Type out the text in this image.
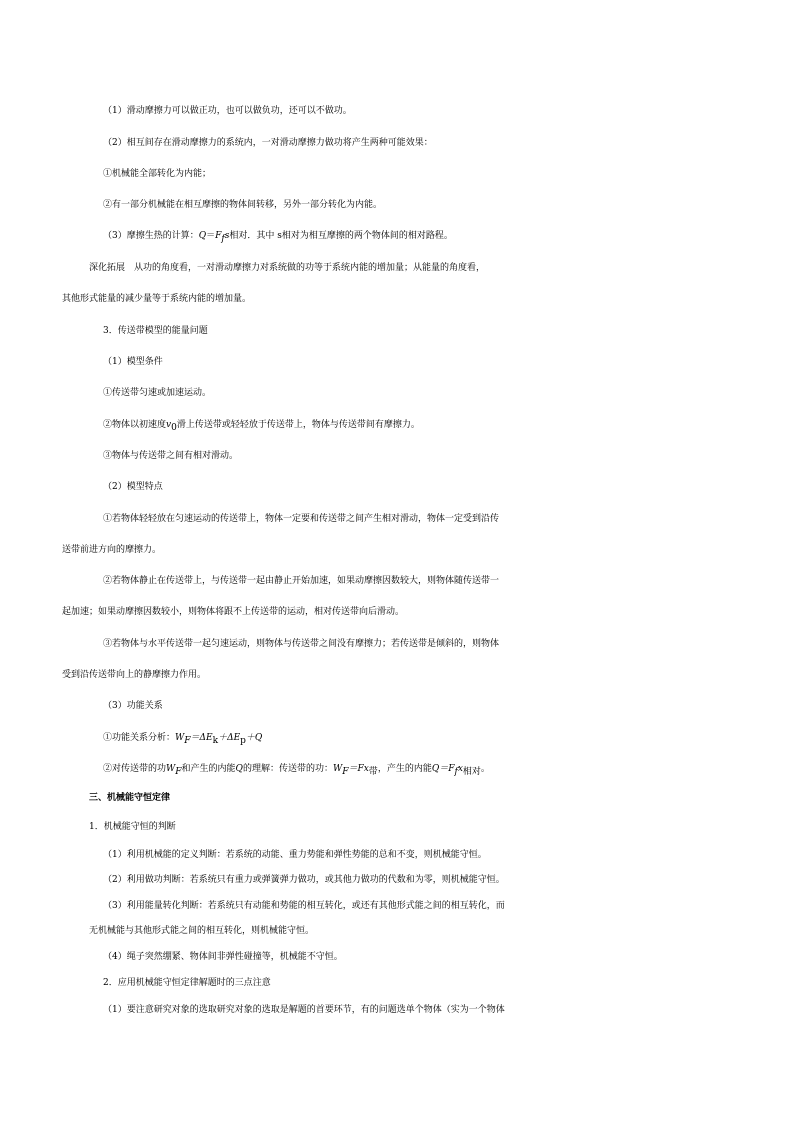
（1）滑动摩擦力可以做正功，也可以做负功，还可以不做功。
（2）相互间存在滑动摩擦力的系统内，一对滑动摩擦力做功将产生两种可能效果：
①机械能全部转化为内能；
②有一部分机械能在相互摩擦的物体间转移，另外一部分转化为内能。
（3）摩擦生热的计算：Q＝Ffs相对．其中 s相对为相互摩擦的两个物体间的相对路程。
深化拓展　从功的角度看，一对滑动摩擦力对系统做的功等于系统内能的增加量；从能量的角度看，
其他形式能量的减少量等于系统内能的增加量。
3．传送带模型的能量问题
（1）模型条件
①传送带匀速或加速运动。
②物体以初速度v0滑上传送带或轻轻放于传送带上，物体与传送带间有摩擦力。
③物体与传送带之间有相对滑动。
（2）模型特点
①若物体轻轻放在匀速运动的传送带上，物体一定要和传送带之间产生相对滑动，物体一定受到沿传
送带前进方向的摩擦力。
②若物体静止在传送带上，与传送带一起由静止开始加速，如果动摩擦因数较大，则物体随传送带一
起加速；如果动摩擦因数较小，则物体将跟不上传送带的运动，相对传送带向后滑动。
③若物体与水平传送带一起匀速运动，则物体与传送带之间没有摩擦力；若传送带是倾斜的，则物体
受到沿传送带向上的静摩擦力作用。
（3）功能关系
①功能关系分析：WF＝ΔEk＋ΔEp＋Q
②对传送带的功WF和产生的内能Q的理解：传送带的功：WF＝Fx带，产生的内能Q＝Ffx相对。
三、机械能守恒定律
1．机械能守恒的判断
（1）利用机械能的定义判断：若系统的动能、重力势能和弹性势能的总和不变，则机械能守恒。
（2）利用做功判断：若系统只有重力或弹簧弹力做功，或其他力做功的代数和为零，则机械能守恒。
（3）利用能量转化判断：若系统只有动能和势能的相互转化，或还有其他形式能之间的相互转化，而
无机械能与其他形式能之间的相互转化，则机械能守恒。
（4）绳子突然绷紧、物体间非弹性碰撞等，机械能不守恒。
2．应用机械能守恒定律解题时的三点注意
（1）要注意研究对象的选取研究对象的选取是解题的首要环节，有的问题选单个物体（实为一个物体
